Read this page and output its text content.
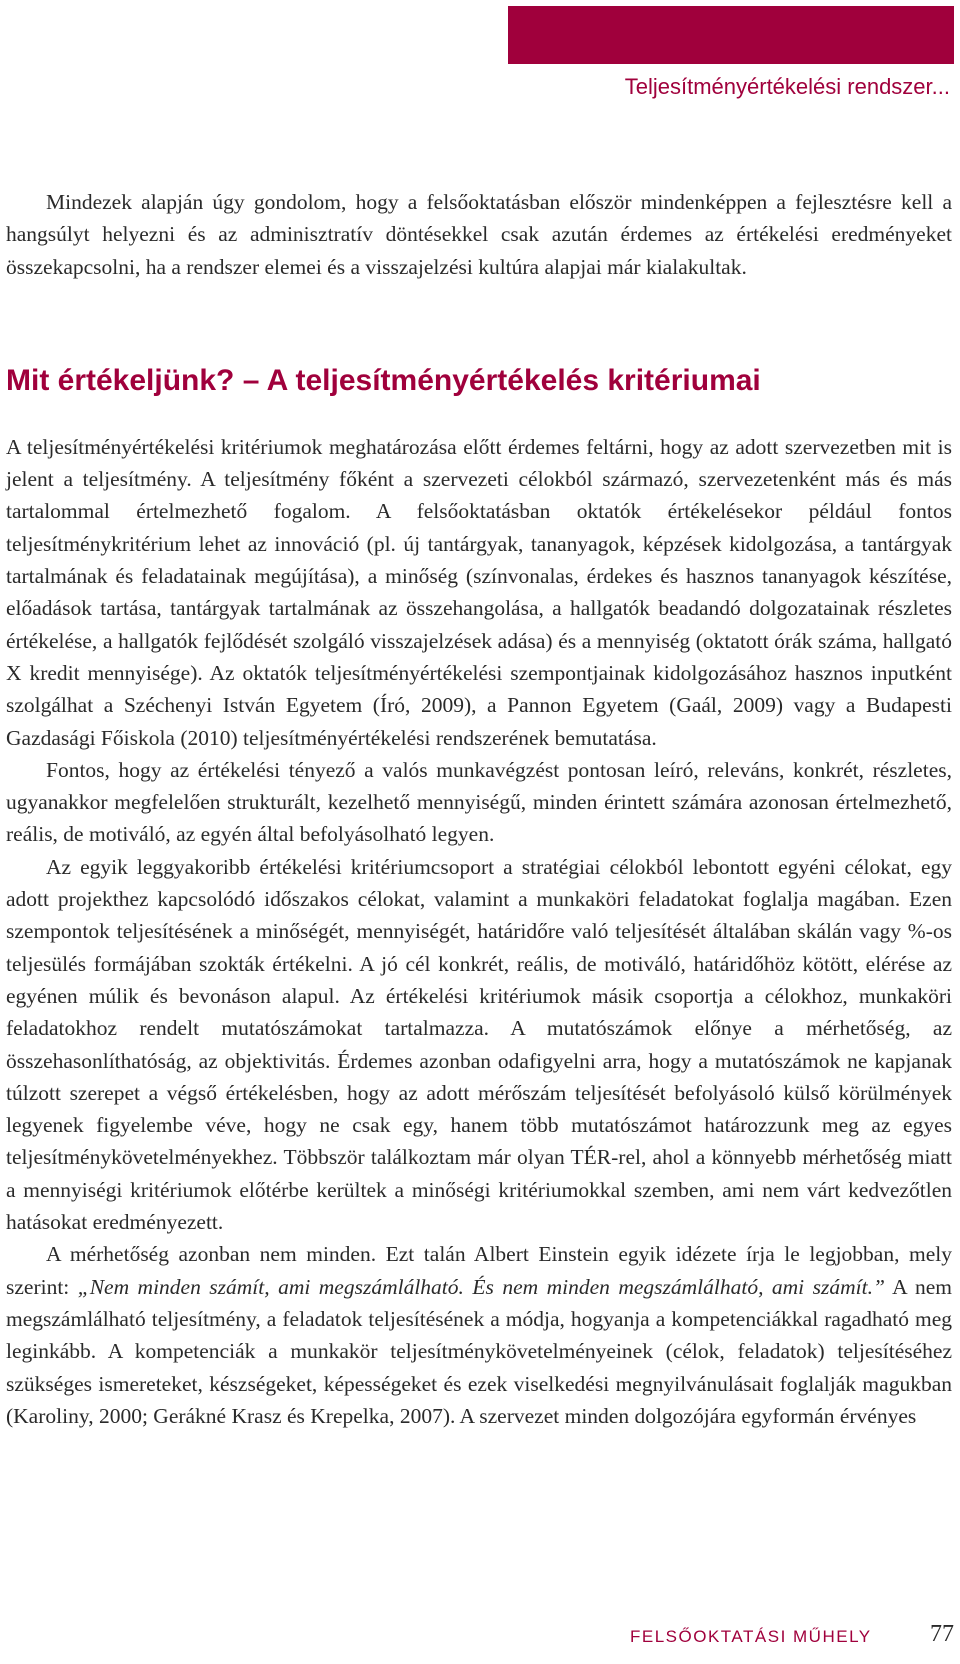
Teljesítményértékelési rendszer...

Mindezek alapján úgy gondolom, hogy a felsőoktatásban először mindenképpen a fejlesztésre kell a hangsúlyt helyezni és az adminisztratív döntésekkel csak azután érdemes az értékelési eredményeket összekapcsolni, ha a rendszer elemei és a visszajelzési kultúra alapjai már kialakultak.

Mit értékeljünk? – A teljesítményértékelés kritériumai

A teljesítményértékelési kritériumok meghatározása előtt érdemes feltárni, hogy az adott szervezetben mit is jelent a teljesítmény. A teljesítmény főként a szervezeti célokból származó, szervezetenként más és más tartalommal értelmezhető fogalom. A felsőoktatásban oktatók értékelésekor például fontos teljesítménykritérium lehet az innováció (pl. új tantárgyak, tananyagok, képzések kidolgozása, a tantárgyak tartalmának és feladatainak megújítása), a minőség (színvonalas, érdekes és hasznos tananyagok készítése, előadások tartása, tantárgyak tartalmának az összehangolása, a hallgatók beadandó dolgozatainak részletes értékelése, a hallgatók fejlődését szolgáló visszajelzések adása) és a mennyiség (oktatott órák száma, hallgató X kredit mennyisége). Az oktatók teljesítményértékelési szempontjainak kidolgozásához hasznos inputként szolgálhat a Széchenyi István Egyetem (Író, 2009), a Pannon Egyetem (Gaál, 2009) vagy a Budapesti Gazdasági Főiskola (2010) teljesítményértékelési rendszerének bemutatása.

Fontos, hogy az értékelési tényező a valós munkavégzést pontosan leíró, releváns, konkrét, részletes, ugyanakkor megfelelően strukturált, kezelhető mennyiségű, minden érintett számára azonosan értelmezhető, reális, de motiváló, az egyén által befolyásolható legyen.

Az egyik leggyakoribb értékelési kritériumcsoport a stratégiai célokból lebontott egyéni célokat, egy adott projekthez kapcsolódó időszakos célokat, valamint a munkaköri feladatokat foglalja magában. Ezen szempontok teljesítésének a minőségét, mennyiségét, határidőre való teljesítését általában skálán vagy %-os teljesülés formájában szokták értékelni. A jó cél konkrét, reális, de motiváló, határidőhöz kötött, elérése az egyénen múlik és bevonáson alapul. Az értékelési kritériumok másik csoportja a célokhoz, munkaköri feladatokhoz rendelt mutatószámokat tartalmazza. A mutatószámok előnye a mérhetőség, az összehasonlíthatóság, az objektivitás. Érdemes azonban odafigyelni arra, hogy a mutatószámok ne kapjanak túlzott szerepet a végső értékelésben, hogy az adott mérőszám teljesítését befolyásoló külső körülmények legyenek figyelembe véve, hogy ne csak egy, hanem több mutatószámot határozzunk meg az egyes teljesítménykövetelményekhez. Többször találkoztam már olyan TÉR-rel, ahol a könnyebb mérhetőség miatt a mennyiségi kritériumok előtérbe kerültek a minőségi kritériumokkal szemben, ami nem várt kedvezőtlen hatásokat eredményezett.

A mérhetőség azonban nem minden. Ezt talán Albert Einstein egyik idézete írja le legjobban, mely szerint: „Nem minden számít, ami megszámlálható. És nem minden megszámlálható, ami számít.” A nem megszámlálható teljesítmény, a feladatok teljesítésének a módja, hogyanja a kompetenciákkal ragadható meg leginkább. A kompetenciák a munkakör teljesítménykövetelményeinek (célok, feladatok) teljesítéséhez szükséges ismereteket, készségeket, képességeket és ezek viselkedési megnyilvánulásait foglalják magukban (Karoliny, 2000; Gerákné Krasz és Krepelka, 2007). A szervezet minden dolgozójára egyformán érvényes

FELSŐOKTATÁSI MŰHELY 77
